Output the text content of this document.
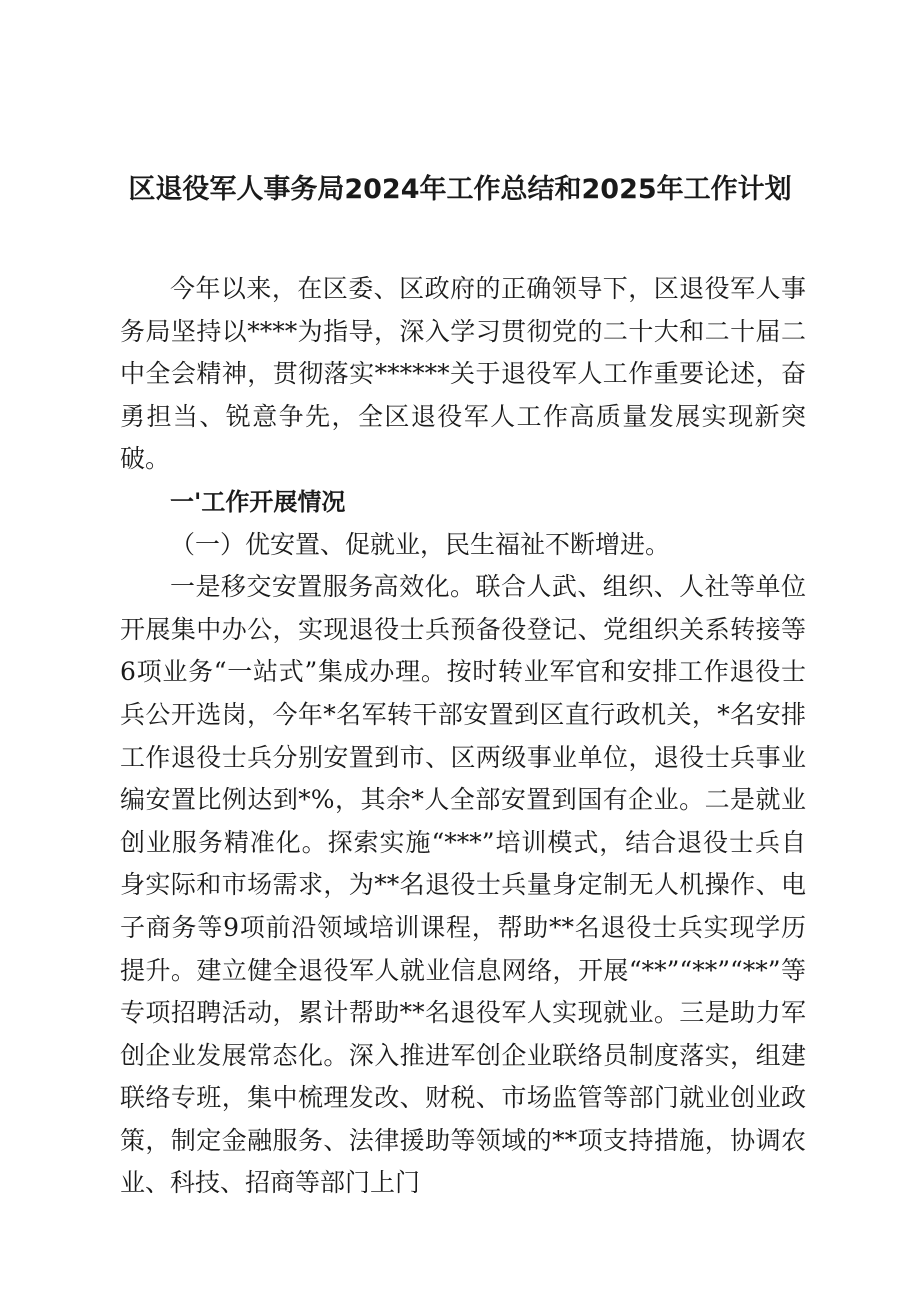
区退役军人事务局2024年工作总结和2025年工作计划

今年以来，在区委、区政府的正确领导下，区退役军人事务局坚持以****为指导，深入学习贯彻党的二十大和二十届二中全会精神，贯彻落实******关于退役军人工作重要论述，奋勇担当、锐意争先，全区退役军人工作高质量发展实现新突破。

一'工作开展情况

（一）优安置、促就业，民生福祉不断增进。

一是移交安置服务高效化。联合人武、组织、人社等单位开展集中办公，实现退役士兵预备役登记、党组织关系转接等6项业务“一站式”集成办理。按时转业军官和安排工作退役士兵公开选岗，今年*名军转干部安置到区直行政机关，*名安排工作退役士兵分别安置到市、区两级事业单位，退役士兵事业编安置比例达到*%，其余*人全部安置到国有企业。二是就业创业服务精准化。探索实施“***”培训模式，结合退役士兵自身实际和市场需求，为**名退役士兵量身定制无人机操作、电子商务等9项前沿领域培训课程，帮助**名退役士兵实现学历提升。建立健全退役军人就业信息网络，开展“**”“**”“**”等专项招聘活动，累计帮助**名退役军人实现就业。三是助力军创企业发展常态化。深入推进军创企业联络员制度落实，组建联络专班，集中梳理发改、财税、市场监管等部门就业创业政策，制定金融服务、法律援助等领域的**项支持措施，协调农业、科技、招商等部门上门
